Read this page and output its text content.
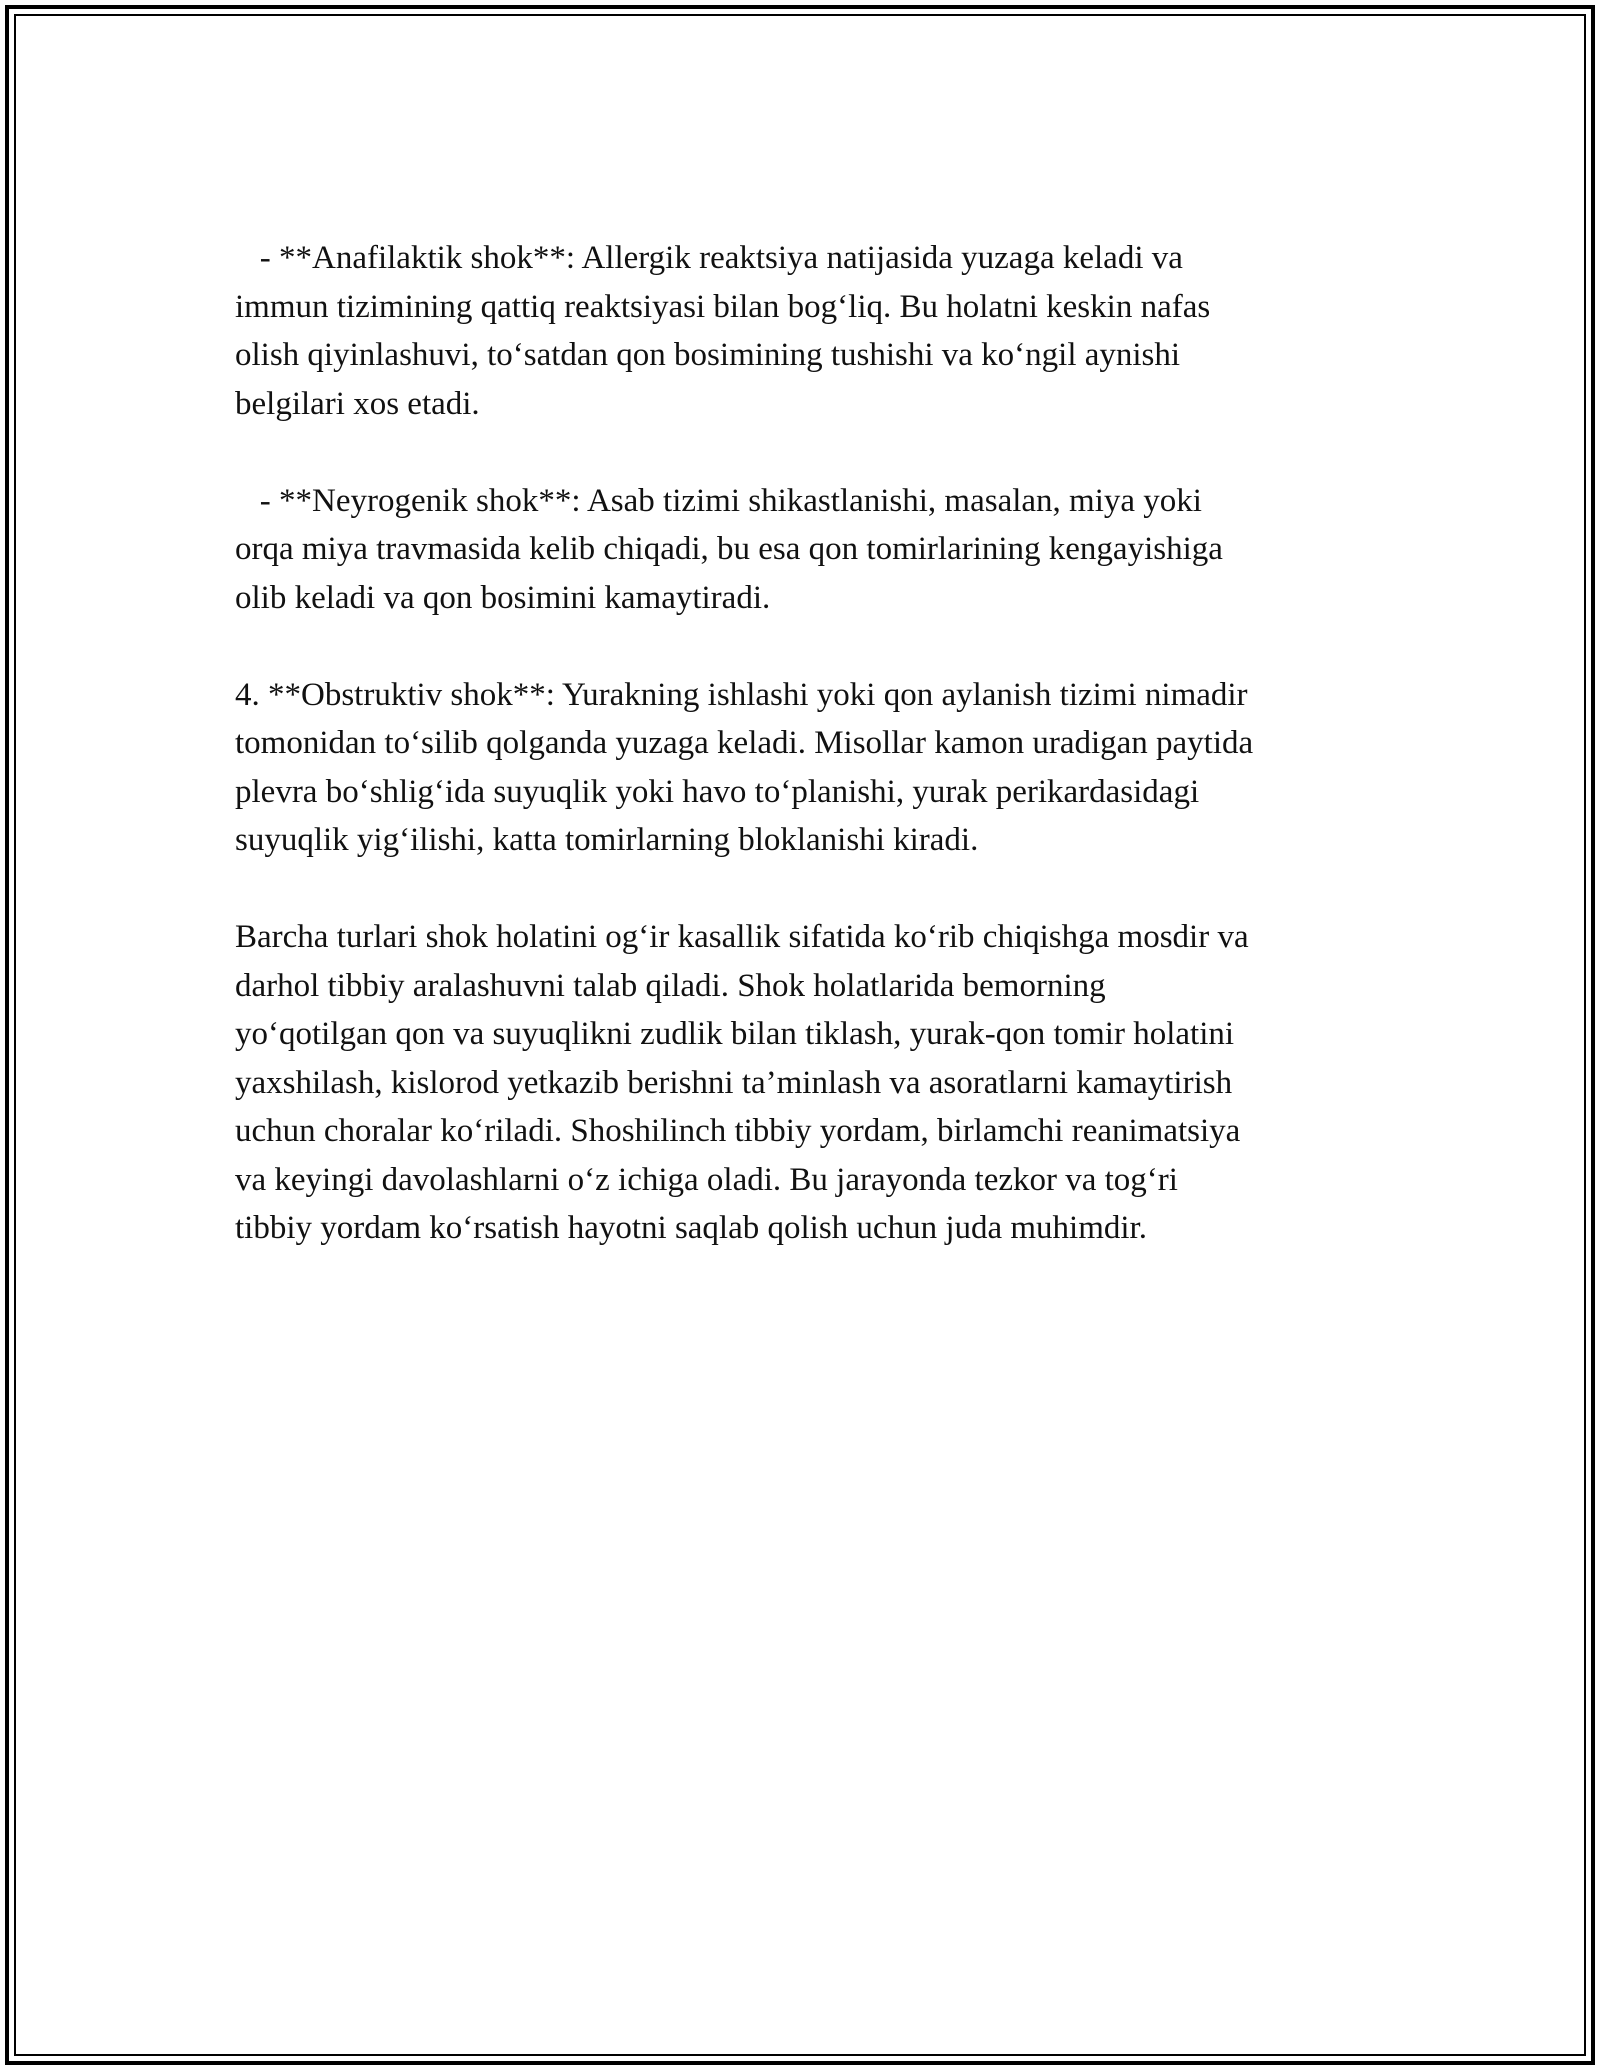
- **Anafilaktik shok**: Allergik reaktsiya natijasida yuzaga keladi va
immun tizimining qattiq reaktsiyasi bilan bog‘liq. Bu holatni keskin nafas
olish qiyinlashuvi, to‘satdan qon bosimining tushishi va ko‘ngil aynishi
belgilari xos etadi.

- **Neyrogenik shok**: Asab tizimi shikastlanishi, masalan, miya yoki
orqa miya travmasida kelib chiqadi, bu esa qon tomirlarining kengayishiga
olib keladi va qon bosimini kamaytiradi.

4. **Obstruktiv shok**: Yurakning ishlashi yoki qon aylanish tizimi nimadir
tomonidan to‘silib qolganda yuzaga keladi. Misollar kamon uradigan paytida
plevra bo‘shlig‘ida suyuqlik yoki havo to‘planishi, yurak perikardasidagi
suyuqlik yig‘ilishi, katta tomirlarning bloklanishi kiradi.

Barcha turlari shok holatini og‘ir kasallik sifatida ko‘rib chiqishga mosdir va
darhol tibbiy aralashuvni talab qiladi. Shok holatlarida bemorning
yo‘qotilgan qon va suyuqlikni zudlik bilan tiklash, yurak-qon tomir holatini
yaxshilash, kislorod yetkazib berishni ta’minlash va asoratlarni kamaytirish
uchun choralar ko‘riladi. Shoshilinch tibbiy yordam, birlamchi reanimatsiya
va keyingi davolashlarni o‘z ichiga oladi. Bu jarayonda tezkor va tog‘ri
tibbiy yordam ko‘rsatish hayotni saqlab qolish uchun juda muhimdir.
